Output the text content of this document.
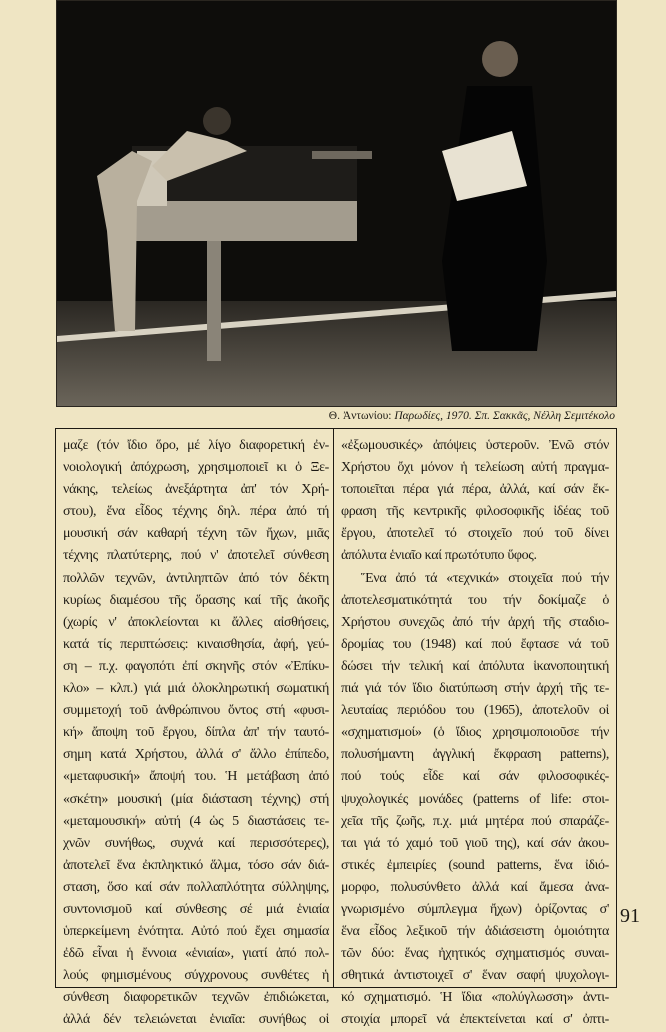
Θ. Ἀντωνίου: Παρωδίες, 1970. Σπ. Σακκᾶς, Νέλλη Σεμιτέκολο
μαζε (τόν ἴδιο ὅρο, μέ λίγο διαφορετική ἐν-
νοιολογική ἀπόχρωση, χρησιμοποιεῖ κι ὁ Ξε-
νάκης, τελείως ἀνεξάρτητα ἀπ' τόν Χρή-
στου), ἕνα εἶδος τέχνης δηλ. πέρα ἀπό τή
μουσική σάν καθαρή τέχνη τῶν ἤχων, μιᾶς
τέχνης πλατύτερης, πού ν' ἀποτελεῖ σύνθεση
πολλῶν τεχνῶν, ἀντιληπτῶν ἀπό τόν δέκτη
κυρίως διαμέσου τῆς ὅρασης καί τῆς ἀκοῆς
(χωρίς ν' ἀποκλείονται κι ἄλλες αἰσθήσεις,
κατά τίς περιπτώσεις: κιναισθησία, ἀφή, γεύ-
ση – π.χ. φαγοπότι ἐπί σκηνῆς στόν «Ἐπίκυ-
κλο» – κλπ.) γιά μιά ὁλοκληρωτική σωματική
συμμετοχή τοῦ ἀνθρώπινου ὄντος στή «φυσι-
κή» ἄποψη τοῦ ἔργου, δίπλα ἀπ' τήν ταυτό-
σημη κατά Χρήστου, ἀλλά σ' ἄλλο ἐπίπεδο,
«μεταφυσική» ἄποψή του. Ἡ μετάβαση ἀπό
«σκέτη» μουσική (μία διάσταση τέχνης) στή
«μεταμουσική» αὐτή (4 ὡς 5 διαστάσεις τε-
χνῶν συνήθως, συχνά καί περισσότερες),
ἀποτελεῖ ἕνα ἐκπληκτικό ἅλμα, τόσο σάν διά-
σταση, ὅσο καί σάν πολλαπλότητα σύλληψης,
συντονισμοῦ καί σύνθεσης σέ μιά ἑνιαία
ὑπερκείμενη ἑνότητα. Αὐτό πού ἔχει σημασία
ἐδῶ εἶναι ἡ ἔννοια «ἑνιαία», γιατί ἀπό πολ-
λούς φημισμένους σύγχρονους συνθέτες ἡ
σύνθεση διαφορετικῶν τεχνῶν ἐπιδιώκεται,
ἀλλά δέν τελειώνεται ἑνιαῖα: συνήθως οἱ
«ἐξωμουσικές» ἀπόψεις ὑστεροῦν. Ἐνῶ στόν
Χρήστου ὄχι μόνον ἡ τελείωση αὐτή πραγμα-
τοποιεῖται πέρα γιά πέρα, ἀλλά, καί σάν ἔκ-
φραση τῆς κεντρικῆς φιλοσοφικῆς ἰδέας τοῦ
ἔργου, ἀποτελεῖ τό στοιχεῖο πού τοῦ δίνει
ἀπόλυτα ἑνιαῖο καί πρωτότυπο ὕφος.
Ἕνα ἀπό τά «τεχνικά» στοιχεῖα πού τήν
ἀποτελεσματικότητά του τήν δοκίμαζε ὁ
Χρήστου συνεχῶς ἀπό τήν ἀρχή τῆς σταδιο-
δρομίας του (1948) καί πού ἔφτασε νά τοῦ
δώσει τήν τελική καί ἀπόλυτα ἱκανοποιητική
πιά γιά τόν ἴδιο διατύπωση στήν ἀρχή τῆς τε-
λευταίας περιόδου του (1965), ἀποτελοῦν οἱ
«σχηματισμοί» (ὁ ἴδιος χρησιμοποιοῦσε τήν
πολυσήμαντη ἀγγλική ἔκφραση patterns),
πού τούς εἶδε καί σάν φιλοσοφικές-
ψυχολογικές μονάδες (patterns of life: στοι-
χεῖα τῆς ζωῆς, π.χ. μιά μητέρα πού σπαράζε-
ται γιά τό χαμό τοῦ γιοῦ της), καί σάν ἀκου-
στικές ἐμπειρίες (sound patterns, ἕνα ἰδιό-
μορφο, πολυσύνθετο ἀλλά καί ἄμεσα ἀνα-
γνωρισμένο σύμπλεγμα ἤχων) ὁρίζοντας σ'
ἕνα εἶδος λεξικοῦ τήν ἀδιάσειστη ὁμοιότητα
τῶν δύο: ἕνας ἠχητικός σχηματισμός συναι-
σθητικά ἀντιστοιχεῖ σ' ἕναν σαφή ψυχολογι-
κό σχηματισμό. Ἡ ἴδια «πολύγλωσση» ἀντι-
στοιχία μπορεῖ νά ἐπεκτείνεται καί σ' ὀπτι-
91
